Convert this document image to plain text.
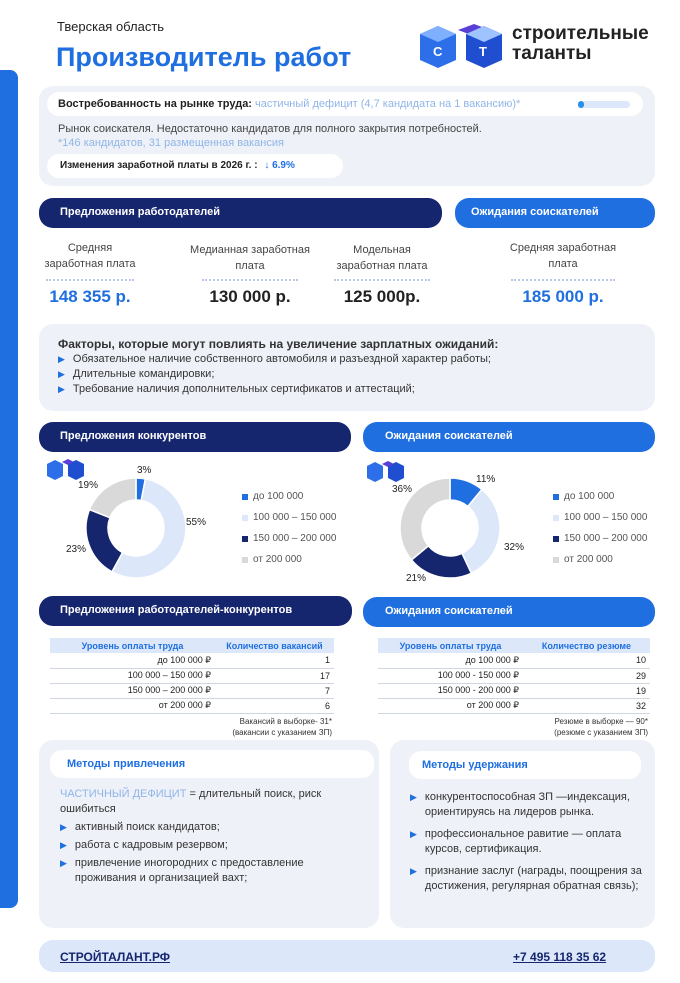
Тверская область
Производитель работ	С	Т
строительные
таланты
Востребованность на рынке труда: частичный дефицит (4,7 кандидата на 1 вакансию)*
Рынок соискателя. Недостаточно кандидатов для полного закрытия потребностей.
*146 кандидатов, 31 размещенная вакансия
Изменения заработной платы в 2026 г. : ↓ 6.9%
Предложения работодателей	Ожидания соискателей
Средняя заработная плата
148 355 р.
Медианная заработная плата
130 000 р.
Модельная заработная плата
125 000р.
Средняя заработная плата
185 000 р.
Факторы, которые могут повлиять на увеличение зарплатных ожиданий:
▶ Обязательное наличие собственного автомобиля и разъездной характер работы;
▶ Длительные командировки;
▶ Требование наличия дополнительных сертификатов и аттестаций;
Предложения конкурентов	Ожидания соискателей
3%
55%
23%
19%
11%
32%
21%
36%
до 100 000
100 000 – 150 000
150 000 – 200 000
от 200 000
до 100 000
100 000 – 150 000
150 000 – 200 000
от 200 000
Предложения работодателей-конкурентов	Ожидания соискателей
Уровень оплаты труда	Количество вакансий
до 100 000 ₽	1
100 000 – 150 000 ₽	17
150 000 – 200 000 ₽	7
от 200 000 ₽	6
Вакансий в выборке- 31*
(вакансии с указанием ЗП)
Уровень оплаты труда	Количество резюме
до 100 000 ₽	10
100 000 - 150 000 ₽	29
150 000 - 200 000 ₽	19
от 200 000 ₽	32
Резюме в выборке — 90*
(резюме с указанием ЗП)
Методы привлечения
ЧАСТИЧНЫЙ ДЕФИЦИТ = длительный поиск, риск ошибиться
▶ активный поиск кандидатов;
▶ работа с кадровым резервом;
▶ привлечение иногородних с предоставление проживания и организацией вахт;
Методы удержания
▶ конкурентоспособная ЗП —индексация, ориентируясь на лидеров рынка.
▶ профессиональное равитие — оплата курсов, сертификация.
▶ признание заслуг (награды, поощрения за достижения, регулярная обратная связь);
СТРОЙТАЛАНТ.РФ	+7 495 118 35 62
